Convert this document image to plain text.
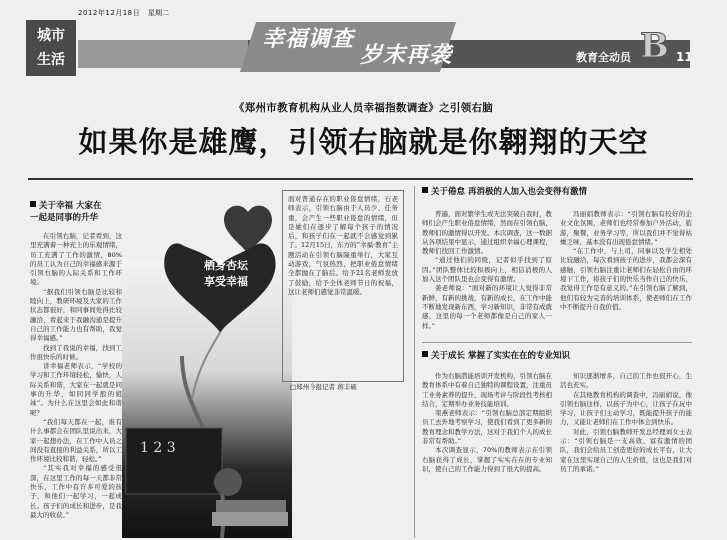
2012年12月18日 星期二
城市
生活
幸福调查岁末再袭	教育全动员 B 11
《郑州市教育机构从业人员幸福指数调查》之引领右脑
如果你是雄鹰，引领右脑就是你翱翔的天空
关于幸福 大家在
一起是同事的升华

在引领右脑，记者看到，这里充满着一种充上的乐观情绪，员工充满了工作的激情，80%的员工认为自己的幸福感来源于引领右脑的人际关系和工作环境。

“据我们引领右脑是比较和睦向上，教研环境及大家的工作状态都很好，和同事间处得比较融洽，看起来于我融沟通是提升自己的工作能力也有帮助，我觉得幸福感。”

找到了我说的幸福，找到工作很快乐的时候。

讲幸福老师表示，“学校的学习和工作环境轻松，愉快，人际关系和谐，大家在一起就是同事的升华，如同同学般的姐妹”。为什么在这里会如此和谐呢？

“我们每天都在一起，谁有什么事都会在团队里说出来，大家一起想办法，在工作中人员之间没有直接的利益关系，所以工作环境比较和谐，轻松。”

“其实我对幸福的感受很深，在这里工作的每一天都非常快乐，工作中有许多可爱的孩子，和他们一起学习，一起成长。孩子们的成长和进步，是我最大的收获。”

1 2 3
栖身杏坛
享受幸福
面对普通存在的职业倦怠情绪，石老师表示，引领右脑由于人员少、任务重，会产生一些职业倦怠的情绪，但是她们在逐步了解每个孩子的情况后，和孩子们在一起就不会感觉到累了。12月15日，东方的“幸福·教育”主题活动在引领右脑隆重举行，大家互动游戏，气氛热烈，把职业倦怠情绪全都抛在了脑后。给予21名老师发放了鼓励，给予全体老师节日的祝福，这让老师们感觉非常温暖。
□郑州今报记者 蒋丰硕
关于倦怠 再消极的人加入也会变得有激情

普遍，面对繁学生或无法突破自我时，教师们会产生职业倦怠情绪，然而在引领右脑，教师们的激情得以开发。本次调查，这一数据从各项结果中显示，通过组织幸福心理课程，教师们找回工作激情。

“通过他们的同级，记者似乎找到了原因。”团队整体比较积极向上，相信消极的人加入这个团队里也会变得有激情。

姜老师说：“面对新的环境让人觉得非常新鲜，有新的挑战，有新的成长，在工作中能不断地发现新东西，学习新知识，非常有成就感，这里的每一个老师都像是自己的家人一样。”

冯丽娟教师表示：“引领右脑有较好的企业文化氛围，老师们也经常参加户外活动，旅游，聚餐，业务学习等，所以我们并不觉得枯燥乏味，基本没有出现倦怠情绪。”

“在工作中，与上司，同事以及学生相处比较融洽，每次看到孩子的进步，我都会深有感触，引领右脑注重让老师们在轻松自由的环境下工作，将孩子们的快乐当作自己的快乐，我觉得工作是有意义的。”在引领右脑了解到，他们有较为完善的培训体系，使老师们在工作中不断提升自我价值。

关于成长 掌握了实实在在的专业知识

作为右脑潜能培训开发机构，引领右脑在教育体系中有着自己独特的课程设置，注重员工业务素养的提升，现场考评与阶段性考核相结合，定期举办业务技能培训。

栾燕老师表示：“引领右脑总部定期组织员工去外地考察学习，使我们看到了更多新的教育理念和教学方法，这对于我们个人的成长非常有帮助。”

本次调查显示，70%的教师表示在引领右脑获得了成长，掌握了实实在在的专业知识，使自己的工作能力得到了很大的提高。

知识逐渐增多，自己的工作也很开心，生活也充实。

在其他教育机构的调查中，冯丽娟说，像引领右脑这样，以孩子为中心，让孩子在玩中学习，让孩子们主动学习，既能提升孩子的能力，又能让老师们在工作中体会到快乐。

对此，引领右脑教师开发总经理刘女士表示：“引领右脑是一支高效、富有激情的团队，我们会给员工创造更好的成长平台，让大家在这里实现自己的人生价值，这也是我们对员工的承诺。”
